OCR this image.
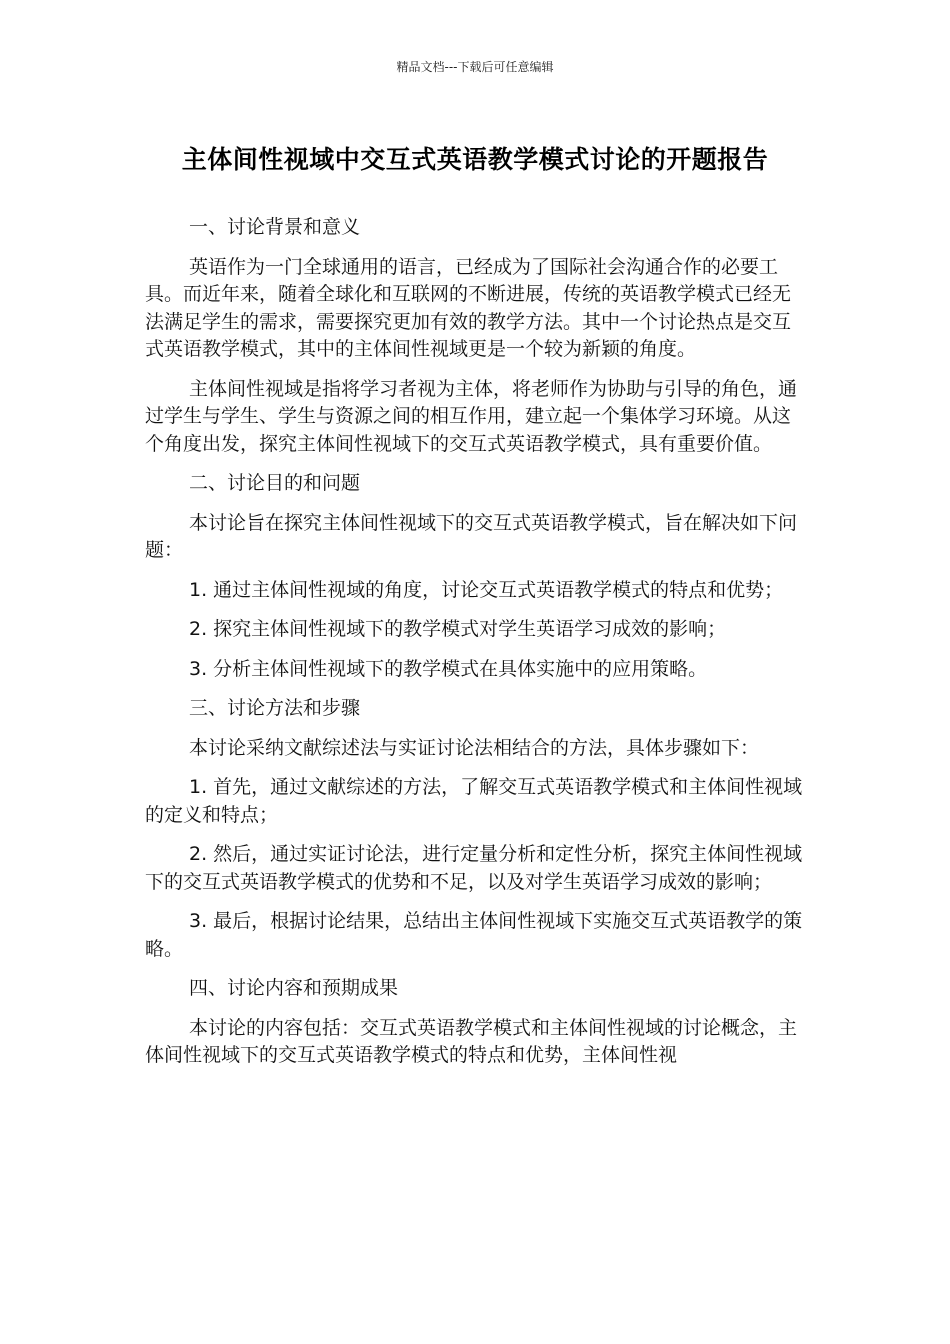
精品文档---下载后可任意编辑
主体间性视域中交互式英语教学模式讨论的开题报告

一、讨论背景和意义

英语作为一门全球通用的语言，已经成为了国际社会沟通合作的必要工具。而近年来，随着全球化和互联网的不断进展，传统的英语教学模式已经无法满足学生的需求，需要探究更加有效的教学方法。其中一个讨论热点是交互式英语教学模式，其中的主体间性视域更是一个较为新颖的角度。

主体间性视域是指将学习者视为主体，将老师作为协助与引导的角色，通过学生与学生、学生与资源之间的相互作用，建立起一个集体学习环境。从这个角度出发，探究主体间性视域下的交互式英语教学模式，具有重要价值。

二、讨论目的和问题

本讨论旨在探究主体间性视域下的交互式英语教学模式，旨在解决如下问题：

1. 通过主体间性视域的角度，讨论交互式英语教学模式的特点和优势；

2. 探究主体间性视域下的教学模式对学生英语学习成效的影响；

3. 分析主体间性视域下的教学模式在具体实施中的应用策略。

三、讨论方法和步骤

本讨论采纳文献综述法与实证讨论法相结合的方法，具体步骤如下：

1. 首先，通过文献综述的方法，了解交互式英语教学模式和主体间性视域的定义和特点；

2. 然后，通过实证讨论法，进行定量分析和定性分析，探究主体间性视域下的交互式英语教学模式的优势和不足，以及对学生英语学习成效的影响；

3. 最后，根据讨论结果，总结出主体间性视域下实施交互式英语教学的策略。

四、讨论内容和预期成果

本讨论的内容包括：交互式英语教学模式和主体间性视域的讨论概念，主体间性视域下的交互式英语教学模式的特点和优势，主体间性视
